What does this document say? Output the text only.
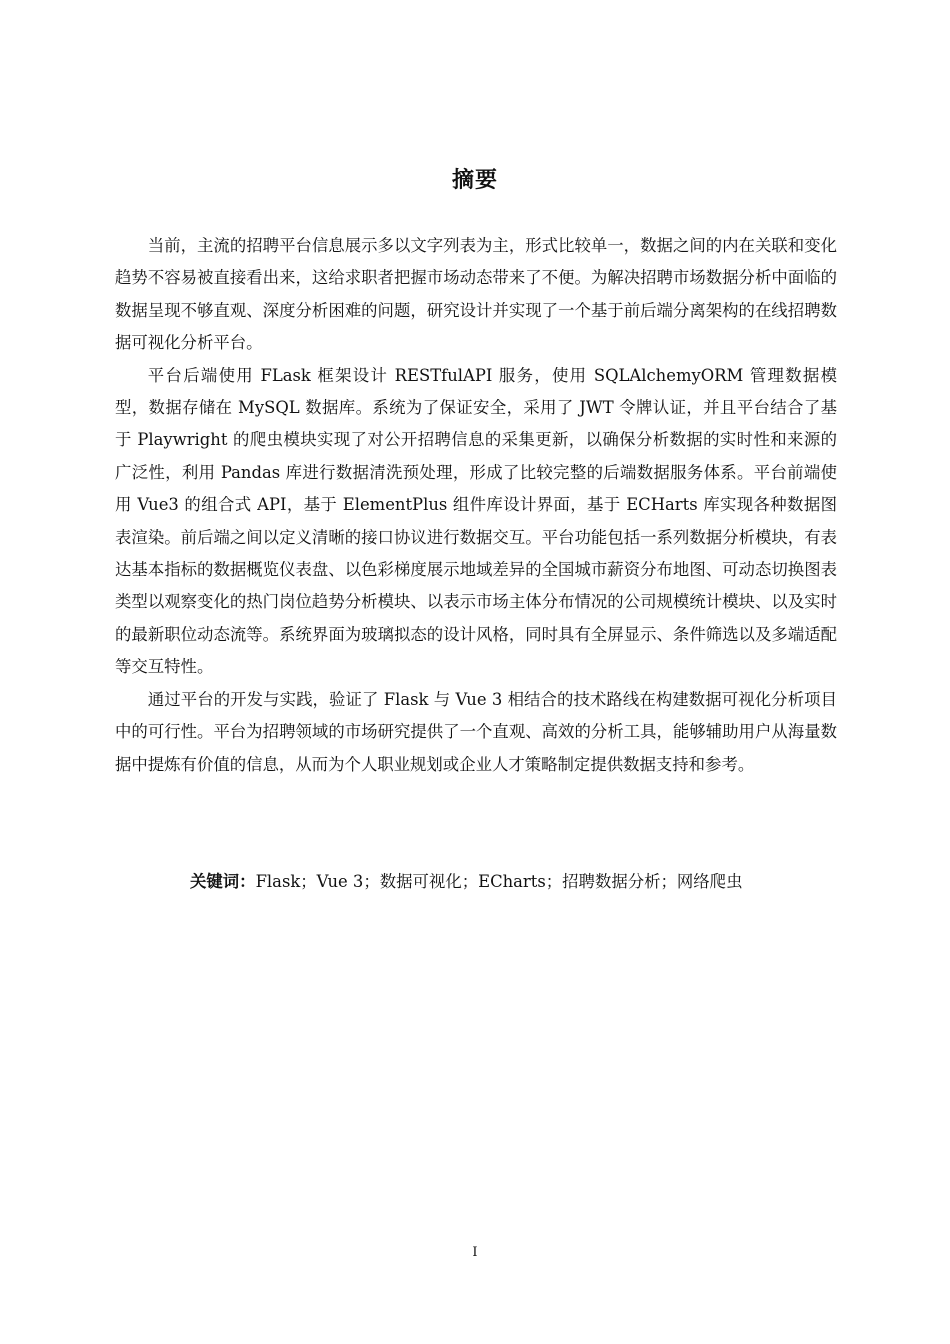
摘要

当前，主流的招聘平台信息展示多以文字列表为主，形式比较单一，数据之间的内在关联和变化趋势不容易被直接看出来，这给求职者把握市场动态带来了不便。为解决招聘市场数据分析中面临的数据呈现不够直观、深度分析困难的问题，研究设计并实现了一个基于前后端分离架构的在线招聘数据可视化分析平台。

平台后端使用 FLask 框架设计 RESTfulAPI 服务，使用 SQLAlchemyORM 管理数据模型，数据存储在 MySQL 数据库。系统为了保证安全，采用了 JWT 令牌认证，并且平台结合了基于 Playwright 的爬虫模块实现了对公开招聘信息的采集更新，以确保分析数据的实时性和来源的广泛性，利用 Pandas 库进行数据清洗预处理，形成了比较完整的后端数据服务体系。平台前端使用 Vue3 的组合式 API，基于 ElementPlus 组件库设计界面，基于 ECHarts 库实现各种数据图表渲染。前后端之间以定义清晰的接口协议进行数据交互。平台功能包括一系列数据分析模块，有表达基本指标的数据概览仪表盘、以色彩梯度展示地域差异的全国城市薪资分布地图、可动态切换图表类型以观察变化的热门岗位趋势分析模块、以表示市场主体分布情况的公司规模统计模块、以及实时的最新职位动态流等。系统界面为玻璃拟态的设计风格，同时具有全屏显示、条件筛选以及多端适配等交互特性。

通过平台的开发与实践，验证了 Flask 与 Vue 3 相结合的技术路线在构建数据可视化分析项目中的可行性。平台为招聘领域的市场研究提供了一个直观、高效的分析工具，能够辅助用户从海量数据中提炼有价值的信息，从而为个人职业规划或企业人才策略制定提供数据支持和参考。

关键词：Flask；Vue 3；数据可视化；ECharts；招聘数据分析；网络爬虫
I
